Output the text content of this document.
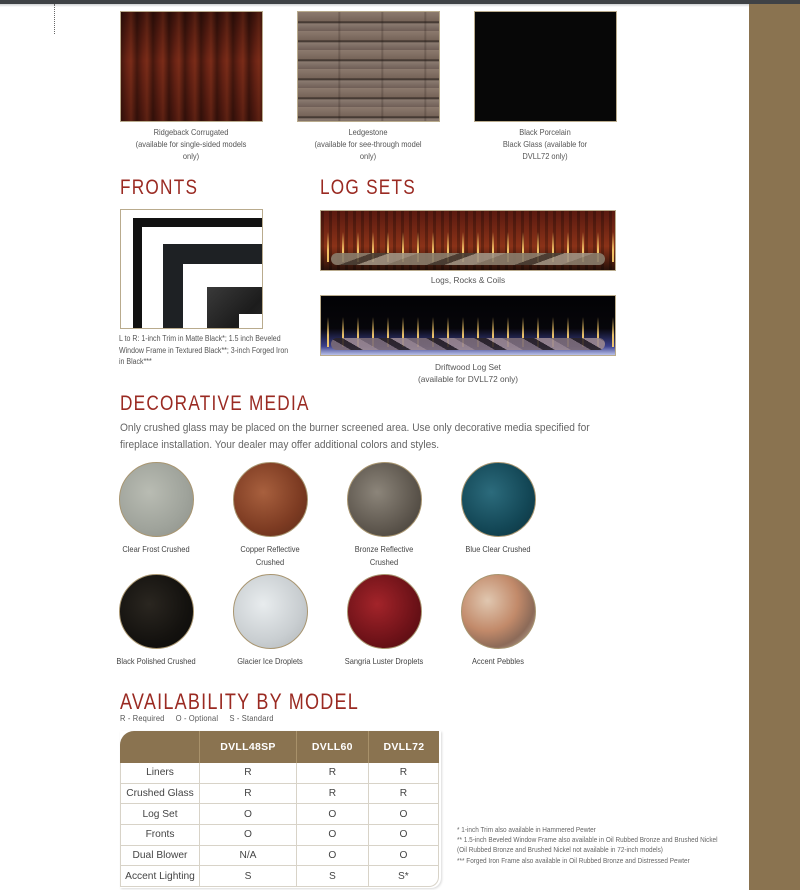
Ridgeback Corrugated
(available for single-sided models
only)
Ledgestone
(available for see-through model
only)
Black Porcelain
Black Glass (available for
DVLL72 only)
FRONTS
L to R: 1-inch Trim in Matte Black*; 1.5 inch Beveled Window Frame in Textured Black**; 3-inch Forged Iron in Black***
LOG SETS
Logs, Rocks & Coils
Driftwood Log Set
(available for DVLL72 only)
DECORATIVE MEDIA

Only crushed glass may be placed on the burner screened area. Use only decorative media specified for fireplace installation. Your dealer may offer additional colors and styles.

Clear Frost Crushed	Copper Reflective
Crushed
Bronze Reflective
Crushed
Blue Clear Crushed
Black Polished Crushed	Glacier Ice Droplets	Sangria Luster Droplets	Accent Pebbles
AVAILABILITY BY MODEL
R - Required     O - Optional     S - Standard
	DVLL48SP	DVLL60	DVLL72
Liners	R	R	R
Crushed Glass	R	R	R
Log Set	O	O	O
Fronts	O	O	O
Dual Blower	N/A	O	O
Accent Lighting	S	S	S*
* 1-inch Trim also available in Hammered Pewter
** 1.5-inch Beveled Window Frame also available in Oil Rubbed Bronze and Brushed Nickel
(Oil Rubbed Bronze and Brushed Nickel not available in 72-inch models)
*** Forged Iron Frame also available in Oil Rubbed Bronze and Distressed Pewter
